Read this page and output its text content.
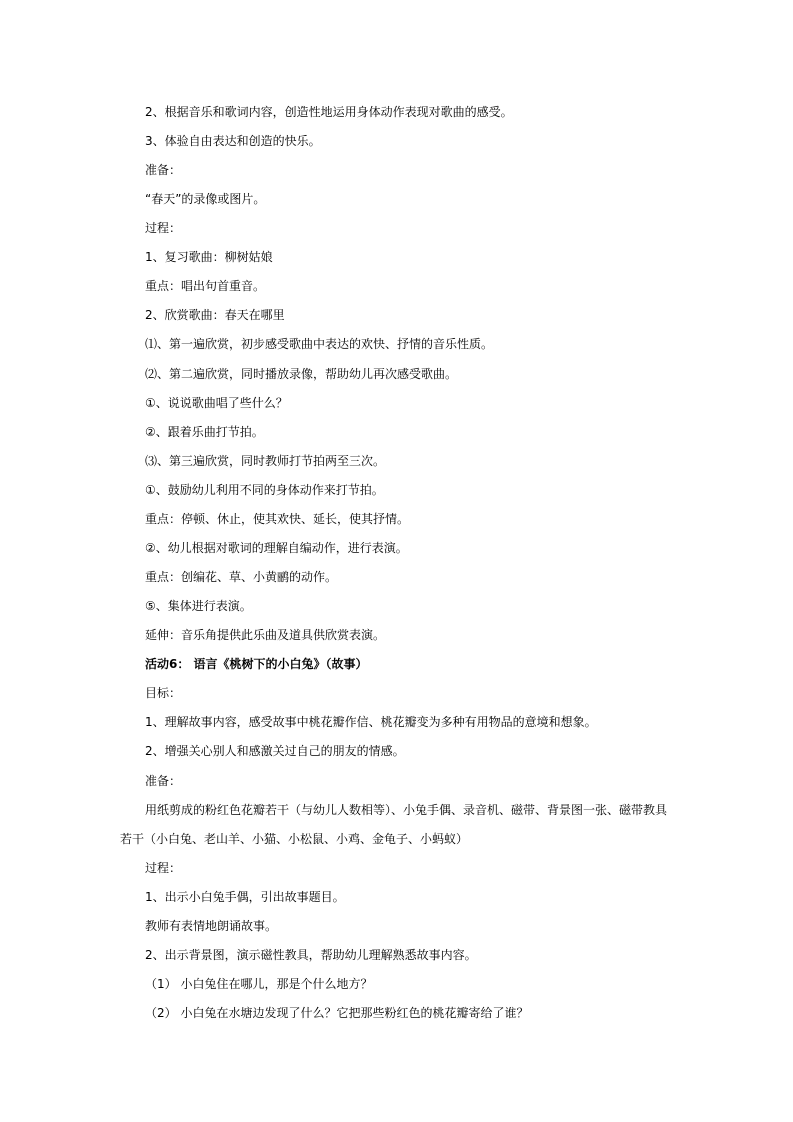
2、根据音乐和歌词内容，创造性地运用身体动作表现对歌曲的感受。
3、体验自由表达和创造的快乐。
准备：
“春天”的录像或图片。
过程：
1、复习歌曲：柳树姑娘
重点：唱出句首重音。
2、欣赏歌曲：春天在哪里
⑴、第一遍欣赏，初步感受歌曲中表达的欢快、抒情的音乐性质。
⑵、第二遍欣赏，同时播放录像，帮助幼儿再次感受歌曲。
①、说说歌曲唱了些什么？
②、跟着乐曲打节拍。
⑶、第三遍欣赏，同时教师打节拍两至三次。
①、鼓励幼儿利用不同的身体动作来打节拍。
重点：停顿、休止，使其欢快、延长，使其抒情。
②、幼儿根据对歌词的理解自编动作，进行表演。
重点：创编花、草、小黄鹂的动作。
⑤、集体进行表演。
延伸：音乐角提供此乐曲及道具供欣赏表演。
活动6： 语言《桃树下的小白兔》（故事）
目标：
1、理解故事内容，感受故事中桃花瓣作信、桃花瓣变为多种有用物品的意境和想象。
2、增强关心别人和感激关过自己的朋友的情感。
准备：
用纸剪成的粉红色花瓣若干（与幼儿人数相等）、小兔手偶、录音机、磁带、背景图一张、磁带教具
若干（小白兔、老山羊、小猫、小松鼠、小鸡、金龟子、小蚂蚁）
过程：
1、出示小白兔手偶，引出故事题目。
教师有表情地朗诵故事。
2、出示背景图，演示磁性教具，帮助幼儿理解熟悉故事内容。
（1） 小白兔住在哪儿，那是个什么地方？
（2） 小白兔在水塘边发现了什么？它把那些粉红色的桃花瓣寄给了谁？
